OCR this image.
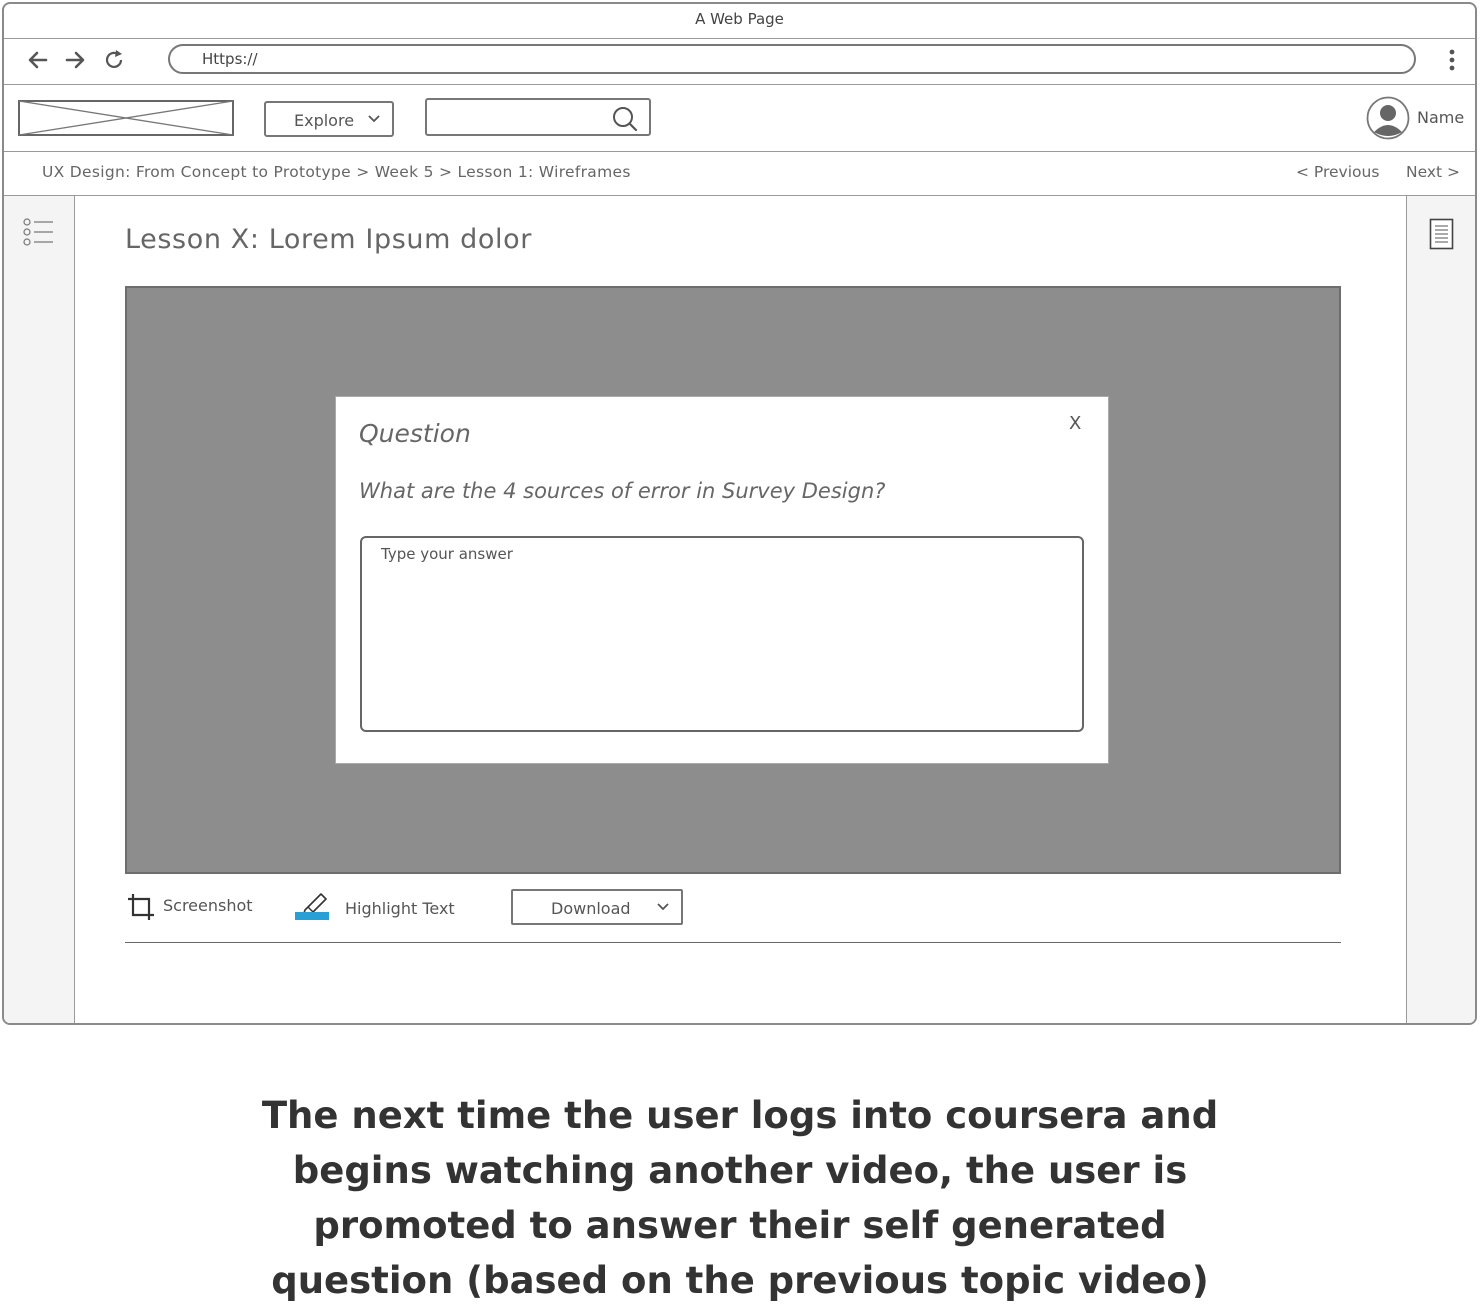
A Web Page
Https://
Explore	Name
UX Design: From Concept to Prototype > Week 5 > Lesson 1: Wireframes	< Previous Next >
Lesson X: Lorem Ipsum dolor
Question	X
What are the 4 sources of error in Survey Design?
Type your answer
Screenshot	Highlight Text	Download
The next time the user logs into coursera and begins watching another video, the user is promoted to answer their self generated question (based on the previous topic video)
